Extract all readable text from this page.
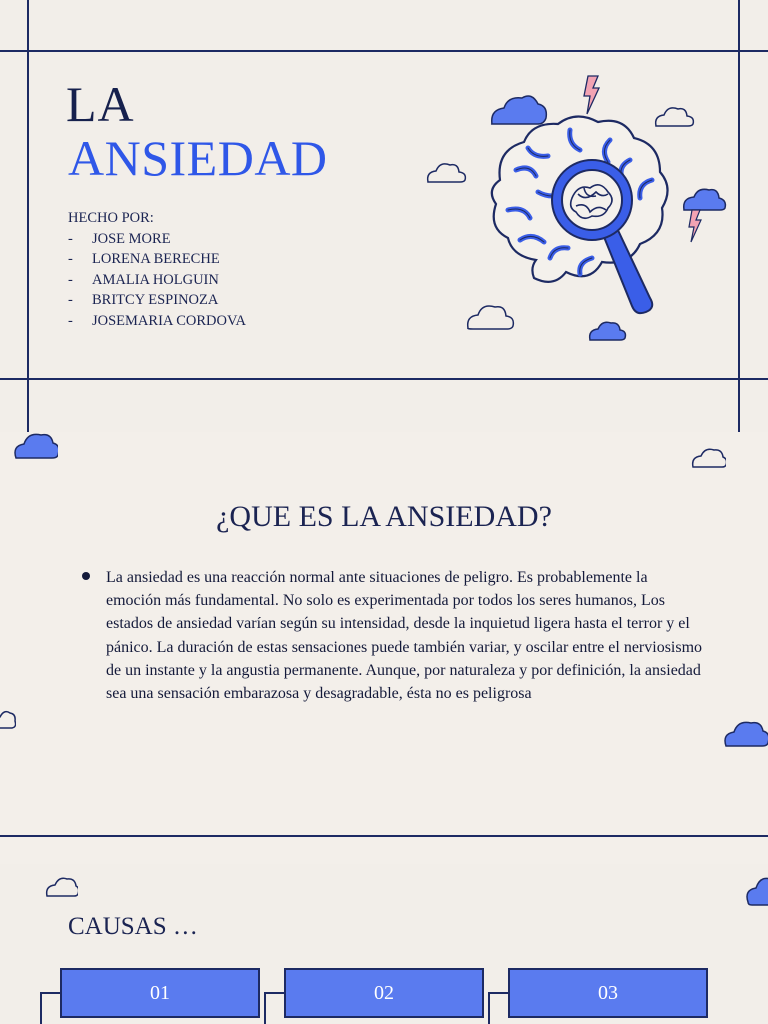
LA
ANSIEDAD
HECHO POR:
-	JOSE MORE
-	LORENA BERECHE
-	AMALIA HOLGUIN
-	BRITCY ESPINOZA
-	JOSEMARIA CORDOVA
¿QUE ES LA ANSIEDAD?
La ansiedad es una reacción normal ante situaciones de peligro. Es probablemente la emoción más fundamental. No solo es experimentada por todos los seres humanos, Los estados de ansiedad varían según su intensidad, desde la inquietud ligera hasta el terror y el pánico. La duración de estas sensaciones puede también variar, y oscilar entre el nerviosismo de un instante y la angustia permanente. Aunque, por naturaleza y por definición, la ansiedad sea una sensación embarazosa y desagradable, ésta no es peligrosa
CAUSAS …
01	02	03
